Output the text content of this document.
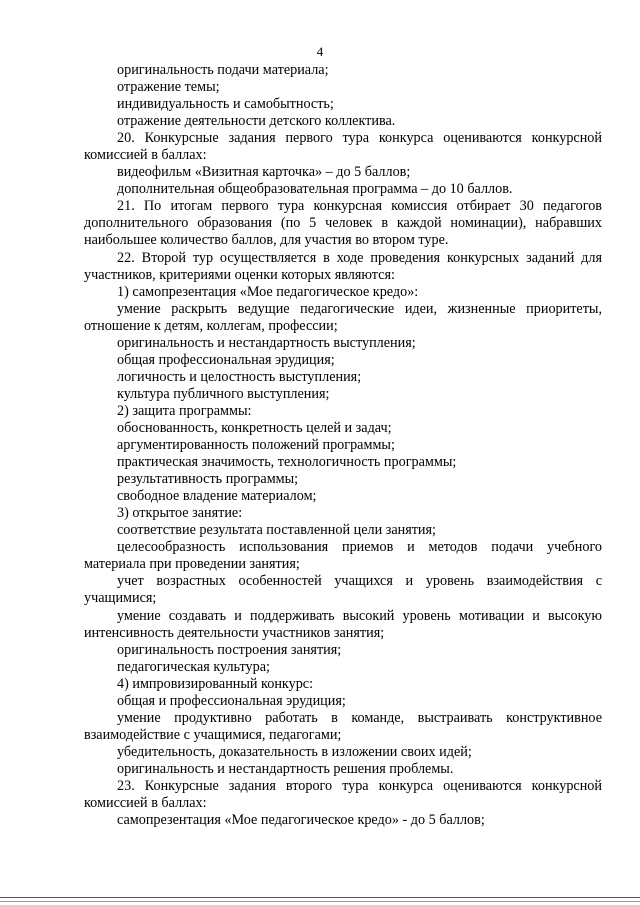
4

оригинальность подачи материала;

отражение темы;

индивидуальность и самобытность;

отражение деятельности детского коллектива.

20. Конкурсные задания первого тура конкурса оцениваются конкурсной комиссией в баллах:

видеофильм «Визитная карточка» – до 5 баллов;

дополнительная общеобразовательная программа – до 10 баллов.

21. По итогам первого тура конкурсная комиссия отбирает 30 педагогов дополнительного образования (по 5 человек в каждой номинации), набравших наибольшее количество баллов, для участия во втором туре.

22. Второй тур осуществляется в ходе проведения конкурсных заданий для участников, критериями оценки которых являются:

1) самопрезентация «Мое педагогическое кредо»:

умение раскрыть ведущие педагогические идеи, жизненные приоритеты, отношение к детям, коллегам, профессии;

оригинальность и нестандартность выступления;

общая профессиональная эрудиция;

логичность и целостность выступления;

культура публичного выступления;

2) защита программы:

обоснованность, конкретность целей и задач;

аргументированность положений программы;

практическая значимость, технологичность программы;

результативность программы;

свободное владение материалом;

3) открытое занятие:

соответствие результата поставленной цели занятия;

целесообразность использования приемов и методов подачи учебного материала при проведении занятия;

учет возрастных особенностей учащихся и уровень взаимодействия с учащимися;

умение создавать и поддерживать высокий уровень мотивации и высокую интенсивность деятельности участников занятия;

оригинальность построения занятия;

педагогическая культура;

4) импровизированный конкурс:

общая и профессиональная эрудиция;

умение продуктивно работать в команде, выстраивать конструктивное взаимодействие с учащимися, педагогами;

убедительность, доказательность в изложении своих идей;

оригинальность и нестандартность решения проблемы.

23. Конкурсные задания второго тура конкурса оцениваются конкурсной комиссией в баллах:

самопрезентация «Мое педагогическое кредо» - до 5 баллов;
